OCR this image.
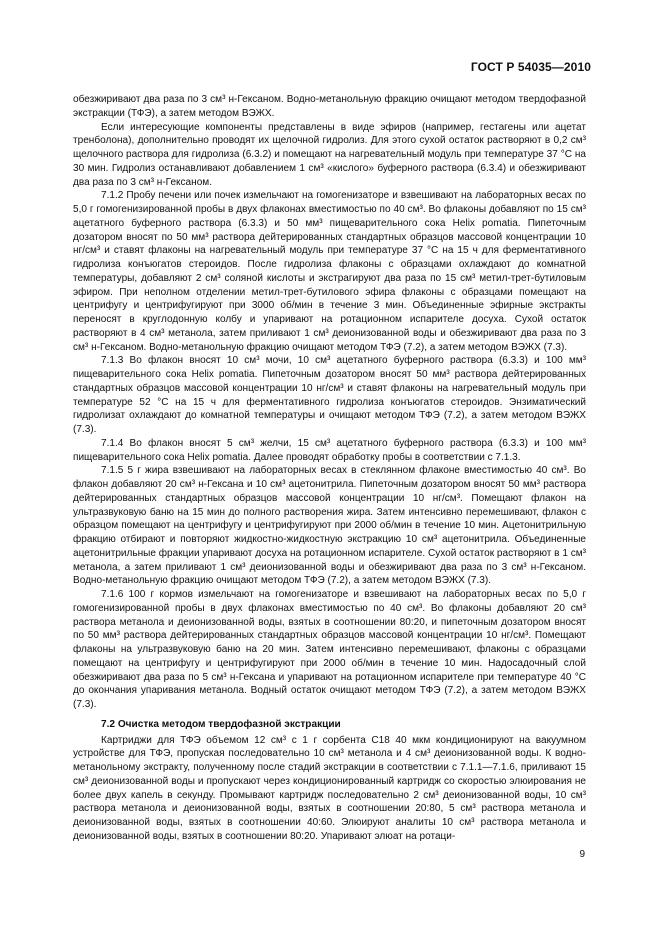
ГОСТ Р 54035—2010

обезжиривают два раза по 3 см³ н-Гексаном. Водно-метанольную фракцию очищают методом твердофазной экстракции (ТФЭ), а затем методом ВЭЖХ.

Если интересующие компоненты представлены в виде эфиров (например, гестагены или ацетат тренболона), дополнительно проводят их щелочной гидролиз. Для этого сухой остаток растворяют в 0,2 см³ щелочного раствора для гидролиза (6.3.2) и помещают на нагревательный модуль при температуре 37 °С на 30 мин. Гидролиз останавливают добавлением 1 см³ «кислого» буферного раствора (6.3.4) и обезжиривают два раза по 3 см³ н-Гексаном.

7.1.2 Пробу печени или почек измельчают на гомогенизаторе и взвешивают на лабораторных весах по 5,0 г гомогенизированной пробы в двух флаконах вместимостью по 40 см³. Во флаконы добавляют по 15 см³ ацетатного буферного раствора (6.3.3) и 50 мм³ пищеварительного сока Helix pomatia. Пипеточным дозатором вносят по 50 мм³ раствора дейтерированных стандартных образцов массовой концентрации 10 нг/см³ и ставят флаконы на нагревательный модуль при температуре 37 °С на 15 ч для ферментативного гидролиза конъюгатов стероидов. После гидролиза флаконы с образцами охлаждают до комнатной температуры, добавляют 2 см³ соляной кислоты и экстрагируют два раза по 15 см³ метил-трет-бутиловым эфиром. При неполном отделении метил-трет-бутилового эфира флаконы с образцами помещают на центрифугу и центрифугируют при 3000 об/мин в течение 3 мин. Объединенные эфирные экстракты переносят в круглодонную колбу и упаривают на ротационном испарителе досуха. Сухой остаток растворяют в 4 см³ метанола, затем приливают 1 см³ деионизованной воды и обезжиривают два раза по 3 см³ н-Гексаном. Водно-метанольную фракцию очищают методом ТФЭ (7.2), а затем методом ВЭЖХ (7.3).

7.1.3 Во флакон вносят 10 см³ мочи, 10 см³ ацетатного буферного раствора (6.3.3) и 100 мм³ пищеварительного сока Helix pomatia. Пипеточным дозатором вносят 50 мм³ раствора дейтерированных стандартных образцов массовой концентрации 10 нг/см³ и ставят флаконы на нагревательный модуль при температуре 52 °С на 15 ч для ферментативного гидролиза конъюгатов стероидов. Энзиматический гидролизат охлаждают до комнатной температуры и очищают методом ТФЭ (7.2), а затем методом ВЭЖХ (7.3).

7.1.4 Во флакон вносят 5 см³ желчи, 15 см³ ацетатного буферного раствора (6.3.3) и 100 мм³ пищеварительного сока Helix pomatia. Далее проводят обработку пробы в соответствии с 7.1.3.

7.1.5 5 г жира взвешивают на лабораторных весах в стеклянном флаконе вместимостью 40 см³. Во флакон добавляют 20 см³ н-Гексана и 10 см³ ацетонитрила. Пипеточным дозатором вносят 50 мм³ раствора дейтерированных стандартных образцов массовой концентрации 10 нг/см³. Помещают флакон на ультразвуковую баню на 15 мин до полного растворения жира. Затем интенсивно перемешивают, флакон с образцом помещают на центрифугу и центрифугируют при 2000 об/мин в течение 10 мин. Ацетонитрильную фракцию отбирают и повторяют жидкостно-жидкостную экстракцию 10 см³ ацетонитрила. Объединенные ацетонитрильные фракции упаривают досуха на ротационном испарителе. Сухой остаток растворяют в 1 см³ метанола, а затем приливают 1 см³ деионизованной воды и обезжиривают два раза по 3 см³ н-Гексаном. Водно-метанольную фракцию очищают методом ТФЭ (7.2), а затем методом ВЭЖХ (7.3).

7.1.6 100 г кормов измельчают на гомогенизаторе и взвешивают на лабораторных весах по 5,0 г гомогенизированной пробы в двух флаконах вместимостью по 40 см³. Во флаконы добавляют 20 см³ раствора метанола и деионизованной воды, взятых в соотношении 80:20, и пипеточным дозатором вносят по 50 мм³ раствора дейтерированных стандартных образцов массовой концентрации 10 нг/см³. Помещают флаконы на ультразвуковую баню на 20 мин. Затем интенсивно перемешивают, флаконы с образцами помещают на центрифугу и центрифугируют при 2000 об/мин в течение 10 мин. Надосадочный слой обезжиривают два раза по 5 см³ н-Гексана и упаривают на ротационном испарителе при температуре 40 °С до окончания упаривания метанола. Водный остаток очищают методом ТФЭ (7.2), а затем методом ВЭЖХ (7.3).

7.2 Очистка методом твердофазной экстракции

Картриджи для ТФЭ объемом 12 см³ с 1 г сорбента С18 40 мкм кондиционируют на вакуумном устройстве для ТФЭ, пропуская последовательно 10 см³ метанола и 4 см³ деионизованной воды. К водно-метанольному экстракту, полученному после стадий экстракции в соответствии с 7.1.1—7.1.6, приливают 15 см³ деионизованной воды и пропускают через кондиционированный картридж со скоростью элюирования не более двух капель в секунду. Промывают картридж последовательно 2 см³ деионизованной воды, 10 см³ раствора метанола и деионизованной воды, взятых в соотношении 20:80, 5 см³ раствора метанола и деионизованной воды, взятых в соотношении 40:60. Элюируют аналиты 10 см³ раствора метанола и деионизованной воды, взятых в соотношении 80:20. Упаривают элюат на ротаци-

9
